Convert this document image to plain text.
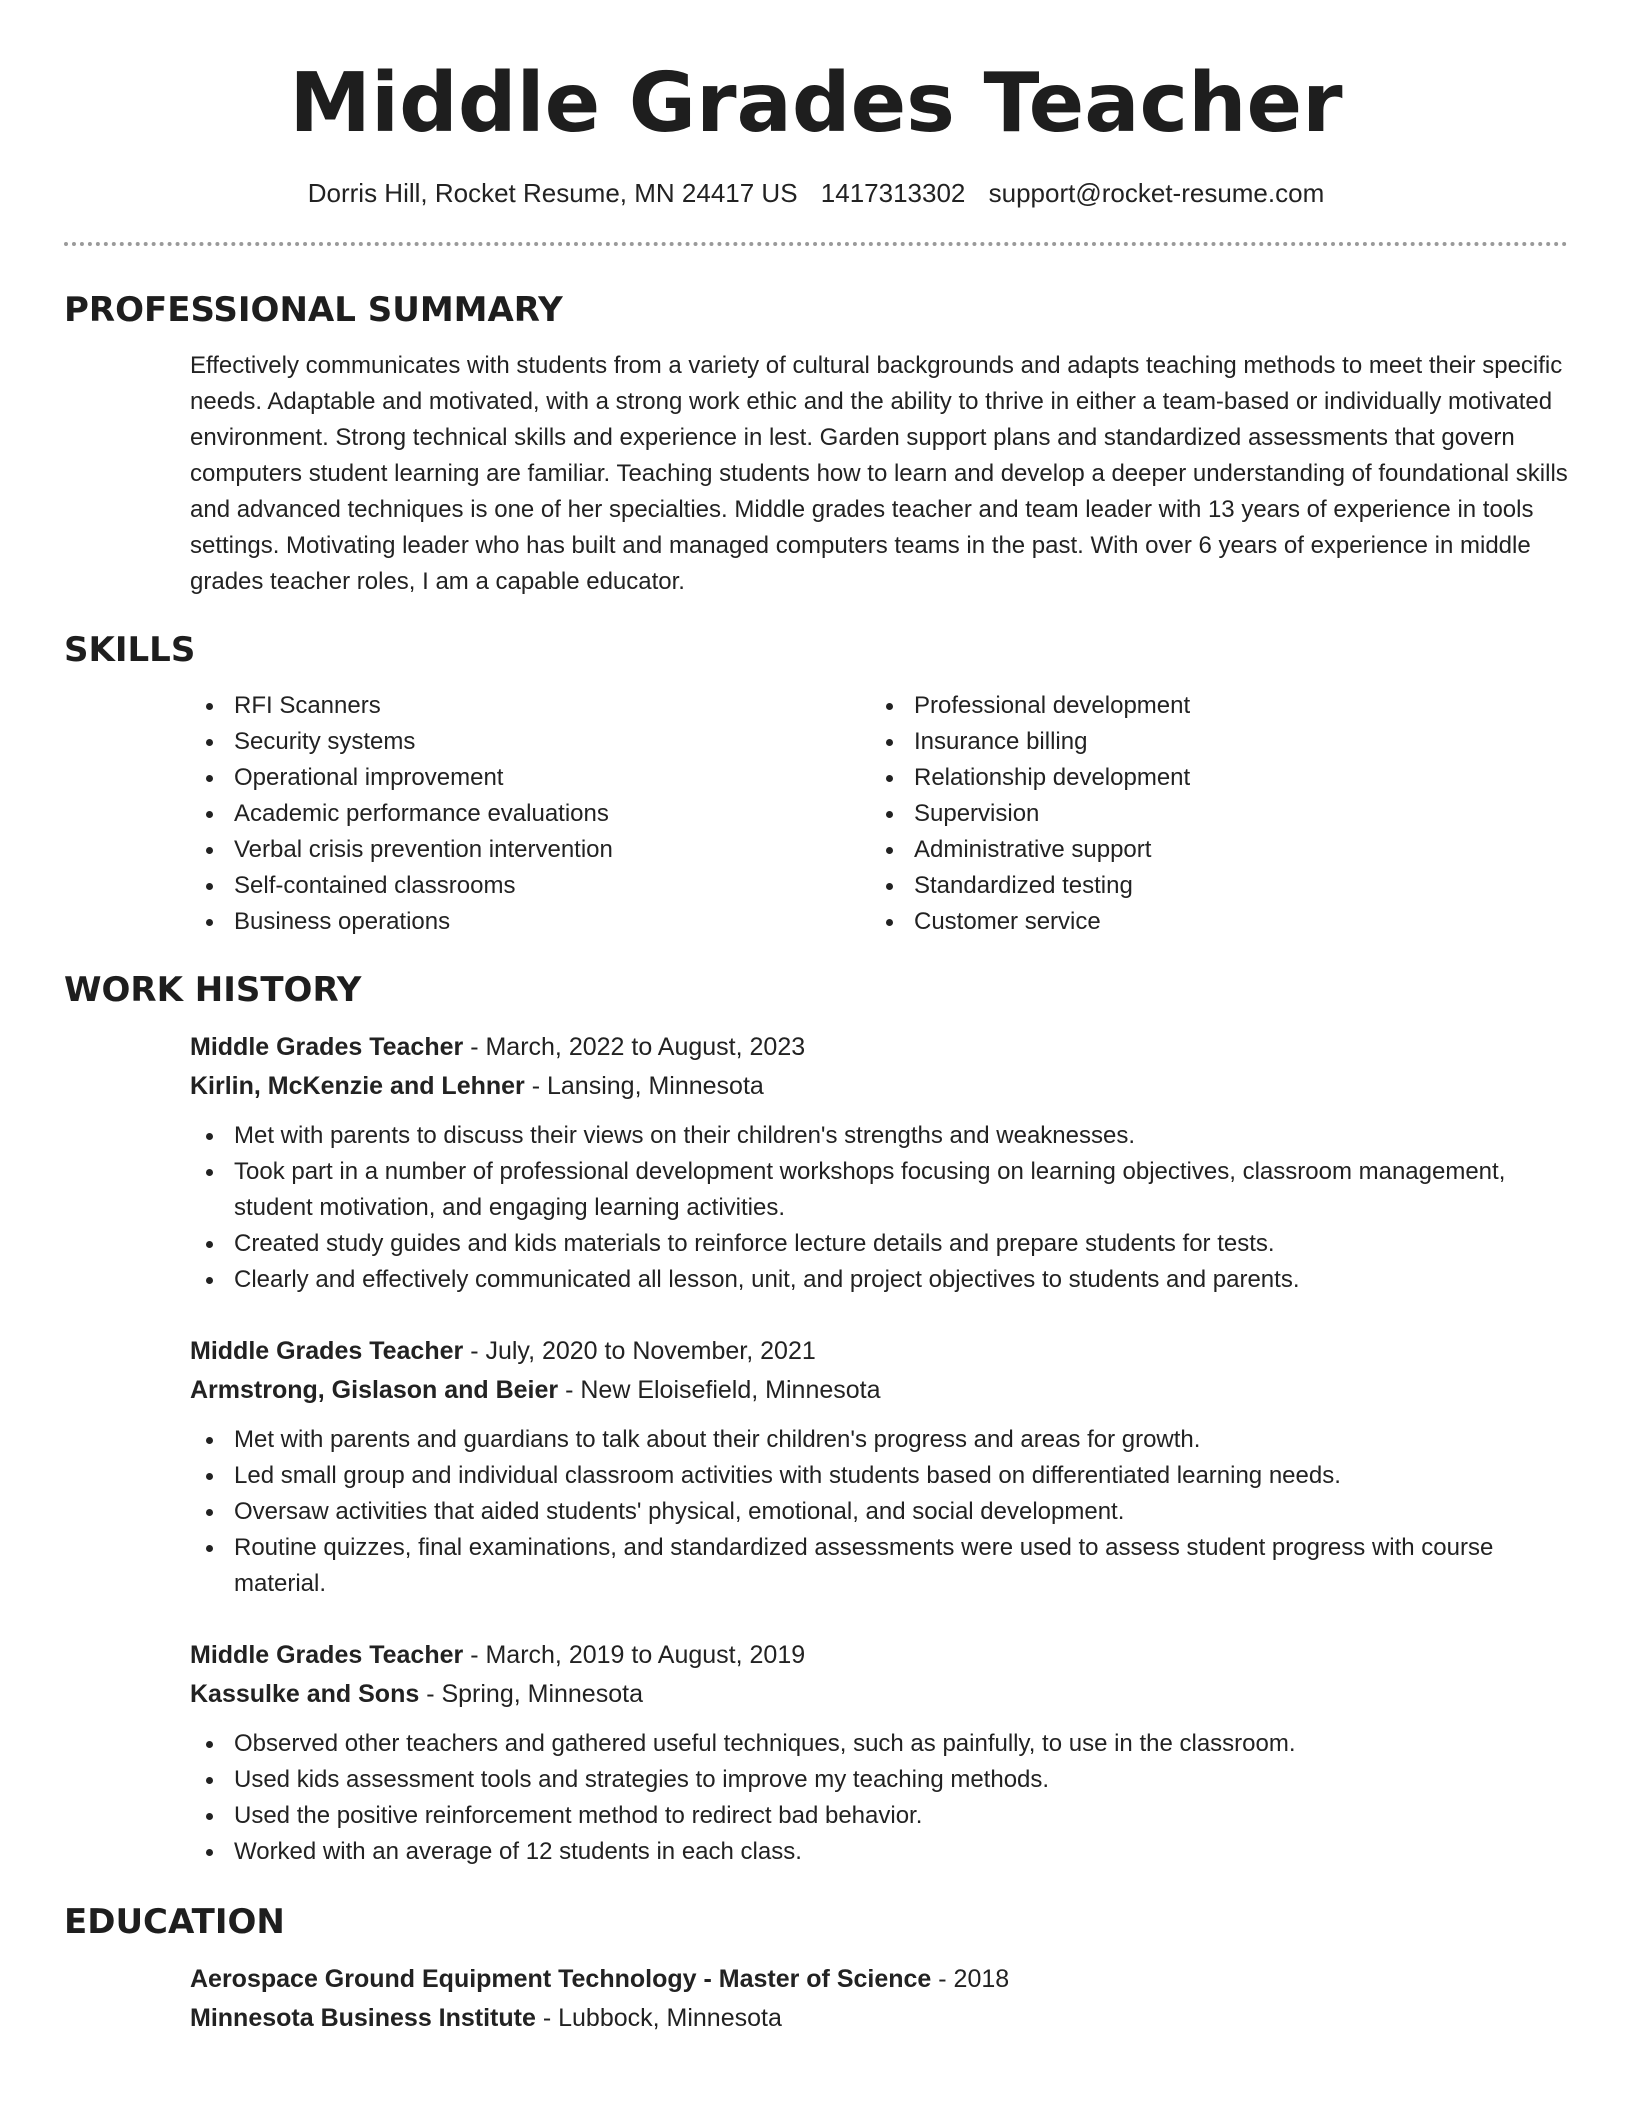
Middle Grades Teacher
Dorris Hill, Rocket Resume, MN 24417 US 1417313302 support@rocket-resume.com
PROFESSIONAL SUMMARY

Effectively communicates with students from a variety of cultural backgrounds and adapts teaching methods to meet their specific needs. Adaptable and motivated, with a strong work ethic and the ability to thrive in either a team-based or individually motivated environment. Strong technical skills and experience in lest. Garden support plans and standardized assessments that govern computers student learning are familiar. Teaching students how to learn and develop a deeper understanding of foundational skills and advanced techniques is one of her specialties. Middle grades teacher and team leader with 13 years of experience in tools settings. Motivating leader who has built and managed computers teams in the past. With over 6 years of experience in middle grades teacher roles, I am a capable educator.

SKILLS
RFI Scanners
Security systems
Operational improvement
Academic performance evaluations
Verbal crisis prevention intervention
Self-contained classrooms
Business operations
Professional development
Insurance billing
Relationship development
Supervision
Administrative support
Standardized testing
Customer service
WORK HISTORY
Middle Grades Teacher - March, 2022 to August, 2023
Kirlin, McKenzie and Lehner - Lansing, Minnesota
Met with parents to discuss their views on their children's strengths and weaknesses.
Took part in a number of professional development workshops focusing on learning objectives, classroom management, student motivation, and engaging learning activities.
Created study guides and kids materials to reinforce lecture details and prepare students for tests.
Clearly and effectively communicated all lesson, unit, and project objectives to students and parents.
Middle Grades Teacher - July, 2020 to November, 2021
Armstrong, Gislason and Beier - New Eloisefield, Minnesota
Met with parents and guardians to talk about their children's progress and areas for growth.
Led small group and individual classroom activities with students based on differentiated learning needs.
Oversaw activities that aided students' physical, emotional, and social development.
Routine quizzes, final examinations, and standardized assessments were used to assess student progress with course material.
Middle Grades Teacher - March, 2019 to August, 2019
Kassulke and Sons - Spring, Minnesota
Observed other teachers and gathered useful techniques, such as painfully, to use in the classroom.
Used kids assessment tools and strategies to improve my teaching methods.
Used the positive reinforcement method to redirect bad behavior.
Worked with an average of 12 students in each class.
EDUCATION
Aerospace Ground Equipment Technology - Master of Science - 2018
Minnesota Business Institute - Lubbock, Minnesota
